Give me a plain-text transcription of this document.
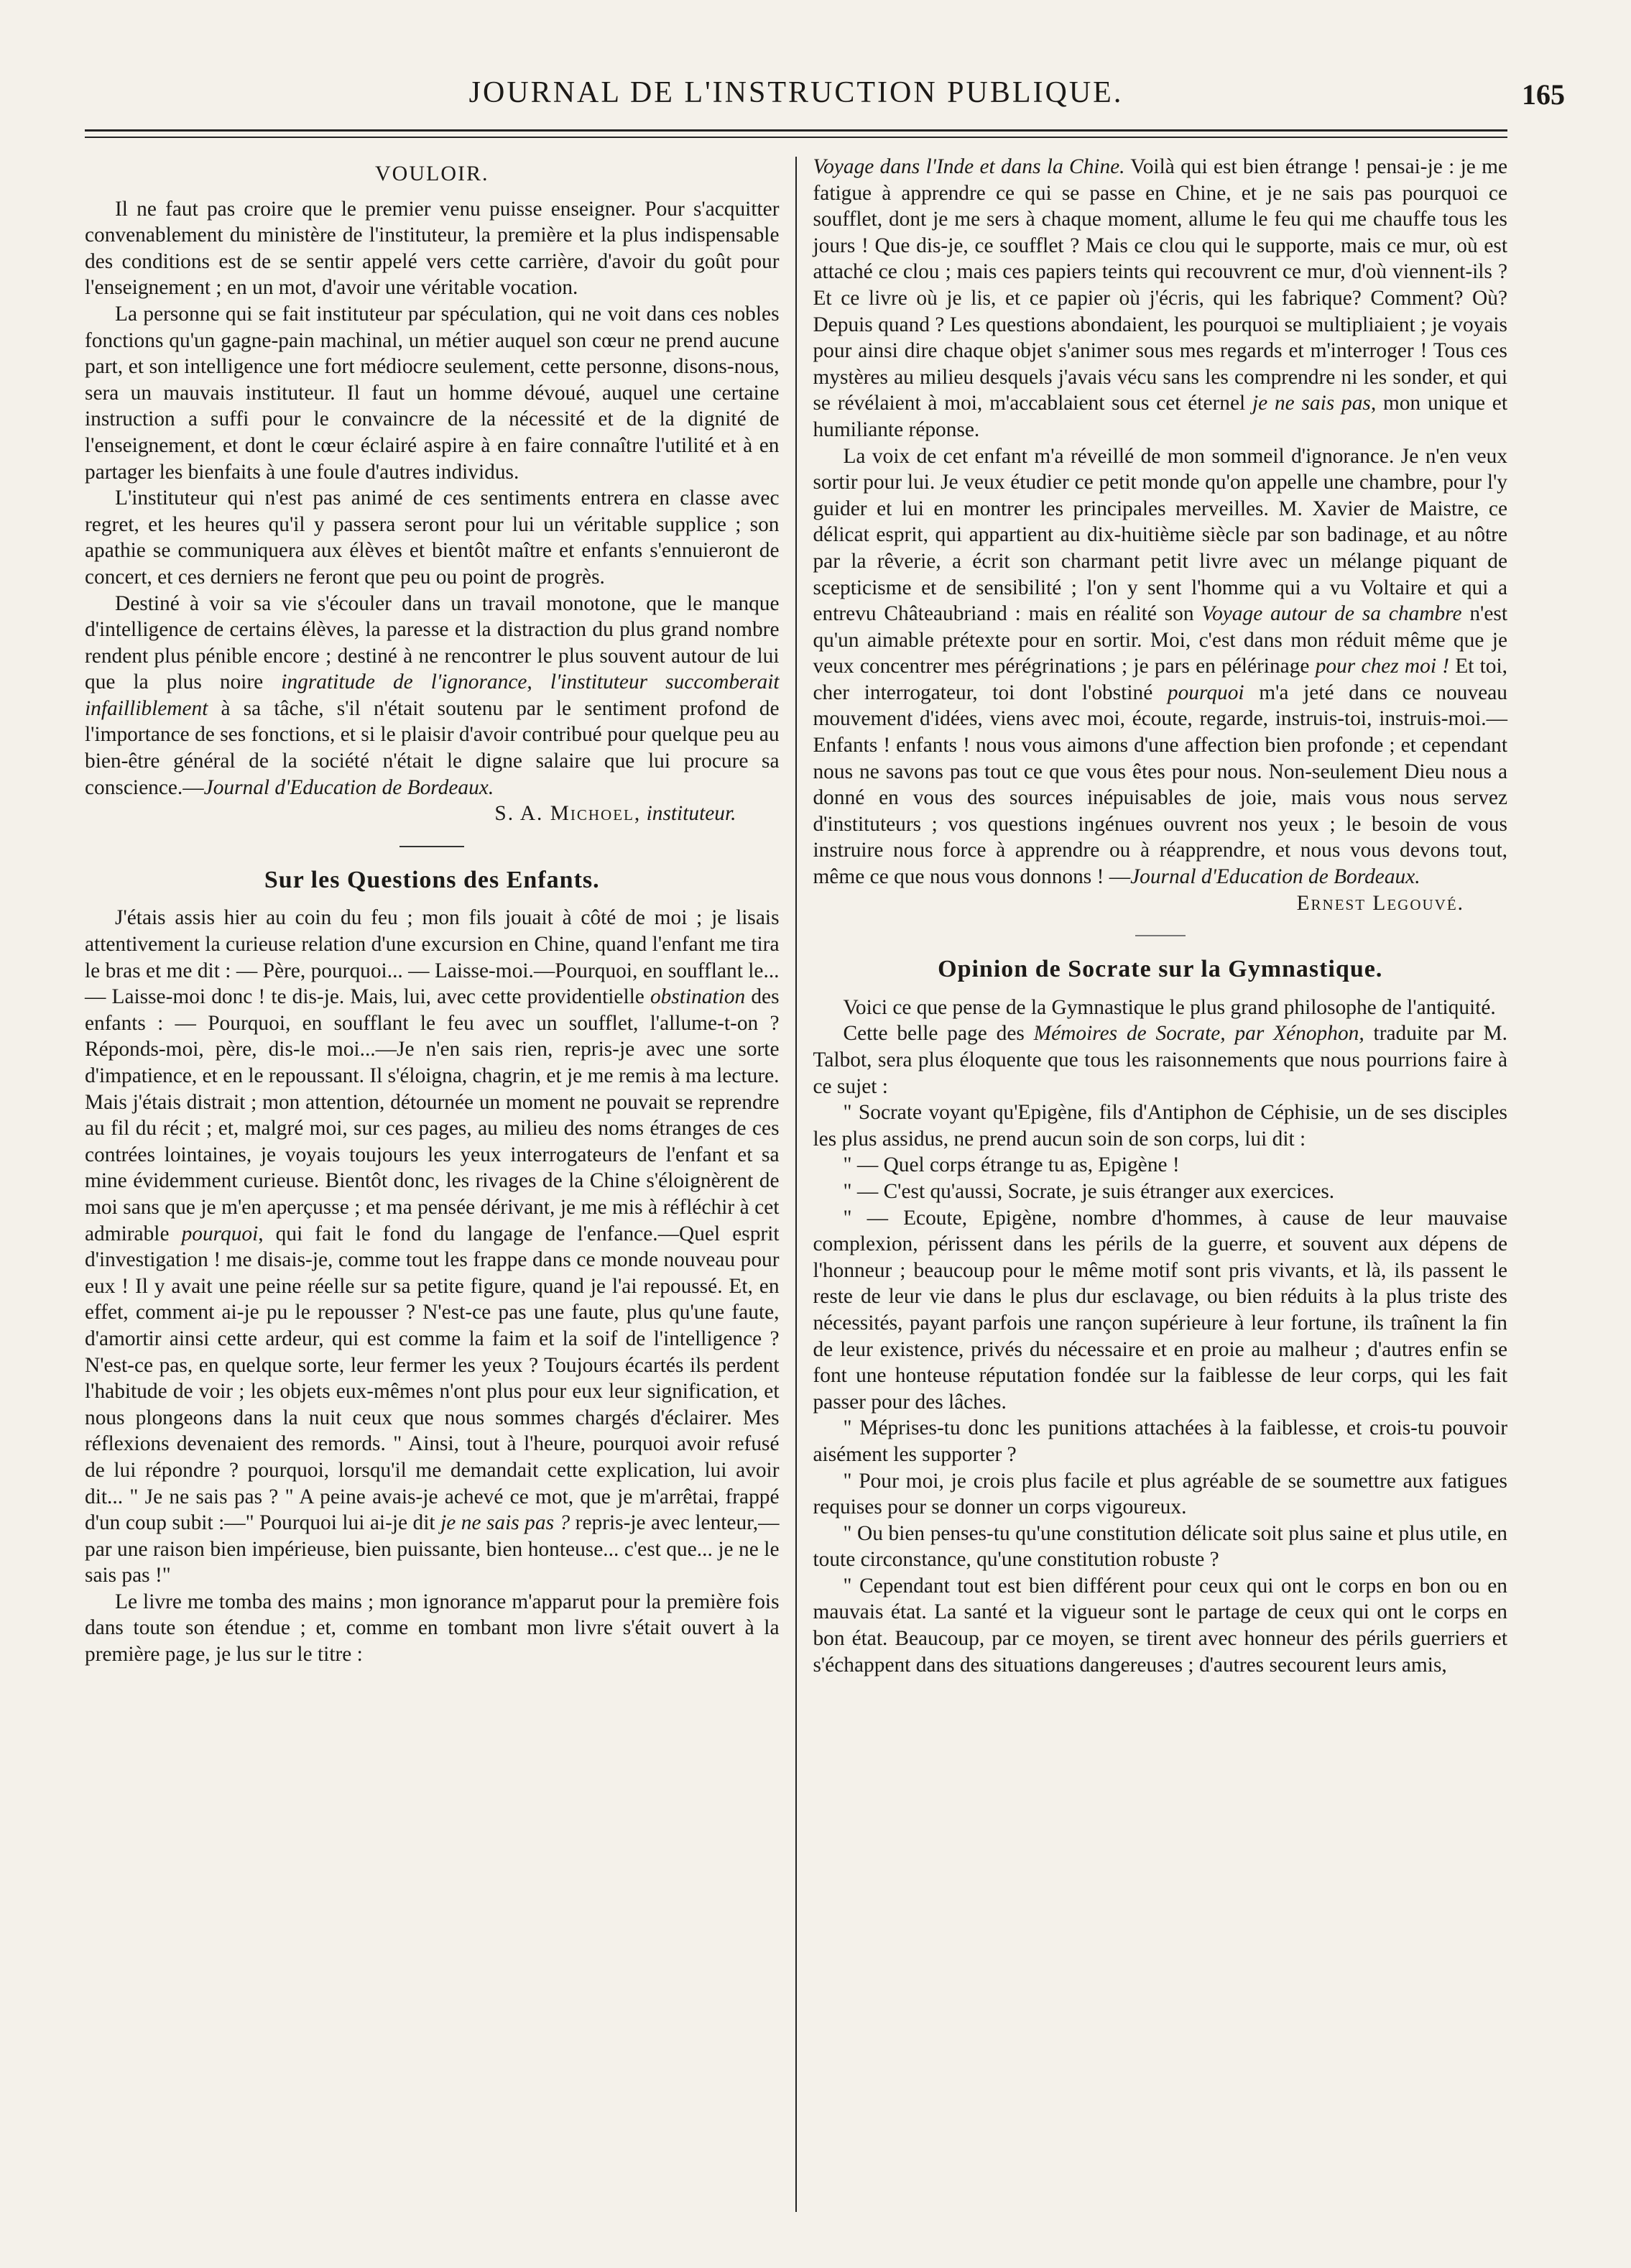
JOURNAL DE L'INSTRUCTION PUBLIQUE.	165
VOULOIR.

Il ne faut pas croire que le premier venu puisse enseigner. Pour s'acquitter convenablement du ministère de l'instituteur, la première et la plus indispensable des conditions est de se sentir appelé vers cette carrière, d'avoir du goût pour l'enseignement ; en un mot, d'avoir une véritable vocation.

La personne qui se fait instituteur par spéculation, qui ne voit dans ces nobles fonctions qu'un gagne-pain machinal, un métier auquel son cœur ne prend aucune part, et son intelligence une fort médiocre seulement, cette personne, disons-nous, sera un mauvais instituteur. Il faut un homme dévoué, auquel une certaine instruction a suffi pour le convaincre de la nécessité et de la dignité de l'enseignement, et dont le cœur éclairé aspire à en faire connaître l'utilité et à en partager les bienfaits à une foule d'autres individus.

L'instituteur qui n'est pas animé de ces sentiments entrera en classe avec regret, et les heures qu'il y passera seront pour lui un véritable supplice ; son apathie se communiquera aux élèves et bientôt maître et enfants s'ennuieront de concert, et ces derniers ne feront que peu ou point de progrès.

Destiné à voir sa vie s'écouler dans un travail monotone, que le manque d'intelligence de certains élèves, la paresse et la distraction du plus grand nombre rendent plus pénible encore ; destiné à ne rencontrer le plus souvent autour de lui que la plus noire ingratitude de l'ignorance, l'instituteur succomberait infailliblement à sa tâche, s'il n'était soutenu par le sentiment profond de l'importance de ses fonctions, et si le plaisir d'avoir contribué pour quelque peu au bien-être général de la société n'était le digne salaire que lui procure sa conscience.—Journal d'Education de Bordeaux.

S. A. Michoel, instituteur.

Sur les Questions des Enfants.

J'étais assis hier au coin du feu ; mon fils jouait à côté de moi ; je lisais attentivement la curieuse relation d'une excursion en Chine, quand l'enfant me tira le bras et me dit : — Père, pourquoi... — Laisse-moi.—Pourquoi, en soufflant le... — Laisse-moi donc ! te dis-je. Mais, lui, avec cette providentielle obstination des enfants : — Pourquoi, en soufflant le feu avec un soufflet, l'allume-t-on ? Réponds-moi, père, dis-le moi...—Je n'en sais rien, repris-je avec une sorte d'impatience, et en le repoussant. Il s'éloigna, chagrin, et je me remis à ma lecture. Mais j'étais distrait ; mon attention, détournée un moment ne pouvait se reprendre au fil du récit ; et, malgré moi, sur ces pages, au milieu des noms étranges de ces contrées lointaines, je voyais toujours les yeux interrogateurs de l'enfant et sa mine évidemment curieuse. Bientôt donc, les rivages de la Chine s'éloignèrent de moi sans que je m'en aperçusse ; et ma pensée dérivant, je me mis à réfléchir à cet admirable pourquoi, qui fait le fond du langage de l'enfance.—Quel esprit d'investigation ! me disais-je, comme tout les frappe dans ce monde nouveau pour eux ! Il y avait une peine réelle sur sa petite figure, quand je l'ai repoussé. Et, en effet, comment ai-je pu le repousser ? N'est-ce pas une faute, plus qu'une faute, d'amortir ainsi cette ardeur, qui est comme la faim et la soif de l'intelligence ? N'est-ce pas, en quelque sorte, leur fermer les yeux ? Toujours écartés ils perdent l'habitude de voir ; les objets eux-mêmes n'ont plus pour eux leur signification, et nous plongeons dans la nuit ceux que nous sommes chargés d'éclairer. Mes réflexions devenaient des remords. " Ainsi, tout à l'heure, pourquoi avoir refusé de lui répondre ? pourquoi, lorsqu'il me demandait cette explication, lui avoir dit... " Je ne sais pas ? " A peine avais-je achevé ce mot, que je m'arrêtai, frappé d'un coup subit :—" Pourquoi lui ai-je dit je ne sais pas ? repris-je avec lenteur,— par une raison bien impérieuse, bien puissante, bien honteuse... c'est que... je ne le sais pas !"

Le livre me tomba des mains ; mon ignorance m'apparut pour la première fois dans toute son étendue ; et, comme en tombant mon livre s'était ouvert à la première page, je lus sur le titre :

Voyage dans l'Inde et dans la Chine. Voilà qui est bien étrange ! pensai-je : je me fatigue à apprendre ce qui se passe en Chine, et je ne sais pas pourquoi ce soufflet, dont je me sers à chaque moment, allume le feu qui me chauffe tous les jours ! Que dis-je, ce soufflet ? Mais ce clou qui le supporte, mais ce mur, où est attaché ce clou ; mais ces papiers teints qui recouvrent ce mur, d'où viennent-ils ? Et ce livre où je lis, et ce papier où j'écris, qui les fabrique? Comment? Où? Depuis quand ? Les questions abondaient, les pourquoi se multipliaient ; je voyais pour ainsi dire chaque objet s'animer sous mes regards et m'interroger ! Tous ces mystères au milieu desquels j'avais vécu sans les comprendre ni les sonder, et qui se révélaient à moi, m'accablaient sous cet éternel je ne sais pas, mon unique et humiliante réponse.

La voix de cet enfant m'a réveillé de mon sommeil d'ignorance. Je n'en veux sortir pour lui. Je veux étudier ce petit monde qu'on appelle une chambre, pour l'y guider et lui en montrer les principales merveilles. M. Xavier de Maistre, ce délicat esprit, qui appartient au dix-huitième siècle par son badinage, et au nôtre par la rêverie, a écrit son charmant petit livre avec un mélange piquant de scepticisme et de sensibilité ; l'on y sent l'homme qui a vu Voltaire et qui a entrevu Châteaubriand : mais en réalité son Voyage autour de sa chambre n'est qu'un aimable prétexte pour en sortir. Moi, c'est dans mon réduit même que je veux concentrer mes pérégrinations ; je pars en pélérinage pour chez moi ! Et toi, cher interrogateur, toi dont l'obstiné pourquoi m'a jeté dans ce nouveau mouvement d'idées, viens avec moi, écoute, regarde, instruis-toi, instruis-moi.—Enfants ! enfants ! nous vous aimons d'une affection bien profonde ; et cependant nous ne savons pas tout ce que vous êtes pour nous. Non-seulement Dieu nous a donné en vous des sources inépuisables de joie, mais vous nous servez d'instituteurs ; vos questions ingénues ouvrent nos yeux ; le besoin de vous instruire nous force à apprendre ou à réapprendre, et nous vous devons tout, même ce que nous vous donnons ! —Journal d'Education de Bordeaux.

Ernest Legouvé.

Opinion de Socrate sur la Gymnastique.

Voici ce que pense de la Gymnastique le plus grand philosophe de l'antiquité.

Cette belle page des Mémoires de Socrate, par Xénophon, traduite par M. Talbot, sera plus éloquente que tous les raisonnements que nous pourrions faire à ce sujet :

" Socrate voyant qu'Epigène, fils d'Antiphon de Céphisie, un de ses disciples les plus assidus, ne prend aucun soin de son corps, lui dit :

" — Quel corps étrange tu as, Epigène !

" — C'est qu'aussi, Socrate, je suis étranger aux exercices.

" — Ecoute, Epigène, nombre d'hommes, à cause de leur mauvaise complexion, périssent dans les périls de la guerre, et souvent aux dépens de l'honneur ; beaucoup pour le même motif sont pris vivants, et là, ils passent le reste de leur vie dans le plus dur esclavage, ou bien réduits à la plus triste des nécessités, payant parfois une rançon supérieure à leur fortune, ils traînent la fin de leur existence, privés du nécessaire et en proie au malheur ; d'autres enfin se font une honteuse réputation fondée sur la faiblesse de leur corps, qui les fait passer pour des lâches.

" Méprises-tu donc les punitions attachées à la faiblesse, et crois-tu pouvoir aisément les supporter ?

" Pour moi, je crois plus facile et plus agréable de se soumettre aux fatigues requises pour se donner un corps vigoureux.

" Ou bien penses-tu qu'une constitution délicate soit plus saine et plus utile, en toute circonstance, qu'une constitution robuste ?

" Cependant tout est bien différent pour ceux qui ont le corps en bon ou en mauvais état. La santé et la vigueur sont le partage de ceux qui ont le corps en bon état. Beaucoup, par ce moyen, se tirent avec honneur des périls guerriers et s'échappent dans des situations dangereuses ; d'autres secourent leurs amis,
